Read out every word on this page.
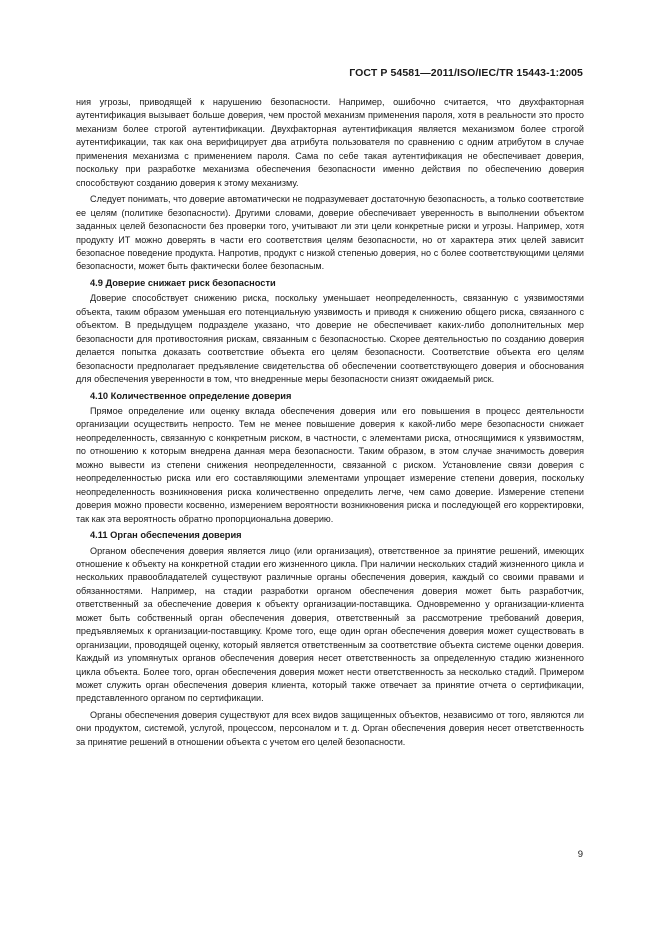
ГОСТ Р 54581—2011/ISO/IEC/TR 15443-1:2005

ния угрозы, приводящей к нарушению безопасности. Например, ошибочно считается, что двухфакторная аутентификация вызывает больше доверия, чем простой механизм применения пароля, хотя в реальности это просто механизм более строгой аутентификации. Двухфакторная аутентификация является механизмом более строгой аутентификации, так как она верифицирует два атрибута пользователя по сравнению с одним атрибутом в случае применения механизма с применением пароля. Сама по себе такая аутентификация не обеспечивает доверия, поскольку при разработке механизма обеспечения безопасности именно действия по обеспечению доверия способствуют созданию доверия к этому механизму.

Следует понимать, что доверие автоматически не подразумевает достаточную безопасность, а только соответствие ее целям (политике безопасности). Другими словами, доверие обеспечивает уверенность в выполнении объектом заданных целей безопасности без проверки того, учитывают ли эти цели конкретные риски и угрозы. Например, хотя продукту ИТ можно доверять в части его соответствия целям безопасности, но от характера этих целей зависит безопасное поведение продукта. Напротив, продукт с низкой степенью доверия, но с более соответствующими целями безопасности, может быть фактически более безопасным.

4.9 Доверие снижает риск безопасности

Доверие способствует снижению риска, поскольку уменьшает неопределенность, связанную с уязвимостями объекта, таким образом уменьшая его потенциальную уязвимость и приводя к снижению общего риска, связанного с объектом. В предыдущем подразделе указано, что доверие не обеспечивает каких-либо дополнительных мер безопасности для противостояния рискам, связанным с безопасностью. Скорее деятельностью по созданию доверия делается попытка доказать соответствие объекта его целям безопасности. Соответствие объекта его целям безопасности предполагает предъявление свидетельства об обеспечении соответствующего доверия и обоснования для обеспечения уверенности в том, что внедренные меры безопасности снизят ожидаемый риск.

4.10 Количественное определение доверия

Прямое определение или оценку вклада обеспечения доверия или его повышения в процесс деятельности организации осуществить непросто. Тем не менее повышение доверия к какой-либо мере безопасности снижает неопределенность, связанную с конкретным риском, в частности, с элементами риска, относящимися к уязвимостям, по отношению к которым внедрена данная мера безопасности. Таким образом, в этом случае значимость доверия можно вывести из степени снижения неопределенности, связанной с риском. Установление связи доверия с неопределенностью риска или его составляющими элементами упрощает измерение степени доверия, поскольку неопределенность возникновения риска количественно определить легче, чем само доверие. Измерение степени доверия можно провести косвенно, измерением вероятности возникновения риска и последующей его корректировки, так как эта вероятность обратно пропорциональна доверию.

4.11 Орган обеспечения доверия

Органом обеспечения доверия является лицо (или организация), ответственное за принятие решений, имеющих отношение к объекту на конкретной стадии его жизненного цикла. При наличии нескольких стадий жизненного цикла и нескольких правообладателей существуют различные органы обеспечения доверия, каждый со своими правами и обязанностями. Например, на стадии разработки органом обеспечения доверия может быть разработчик, ответственный за обеспечение доверия к объекту организации-поставщика. Одновременно у организации-клиента может быть собственный орган обеспечения доверия, ответственный за рассмотрение требований доверия, предъявляемых к организации-поставщику. Кроме того, еще один орган обеспечения доверия может существовать в организации, проводящей оценку, который является ответственным за соответствие объекта системе оценки доверия. Каждый из упомянутых органов обеспечения доверия несет ответственность за определенную стадию жизненного цикла объекта. Более того, орган обеспечения доверия может нести ответственность за несколько стадий. Примером может служить орган обеспечения доверия клиента, который также отвечает за принятие отчета о сертификации, представленного органом по сертификации.

Органы обеспечения доверия существуют для всех видов защищенных объектов, независимо от того, являются ли они продуктом, системой, услугой, процессом, персоналом и т. д. Орган обеспечения доверия несет ответственность за принятие решений в отношении объекта с учетом его целей безопасности.

9
